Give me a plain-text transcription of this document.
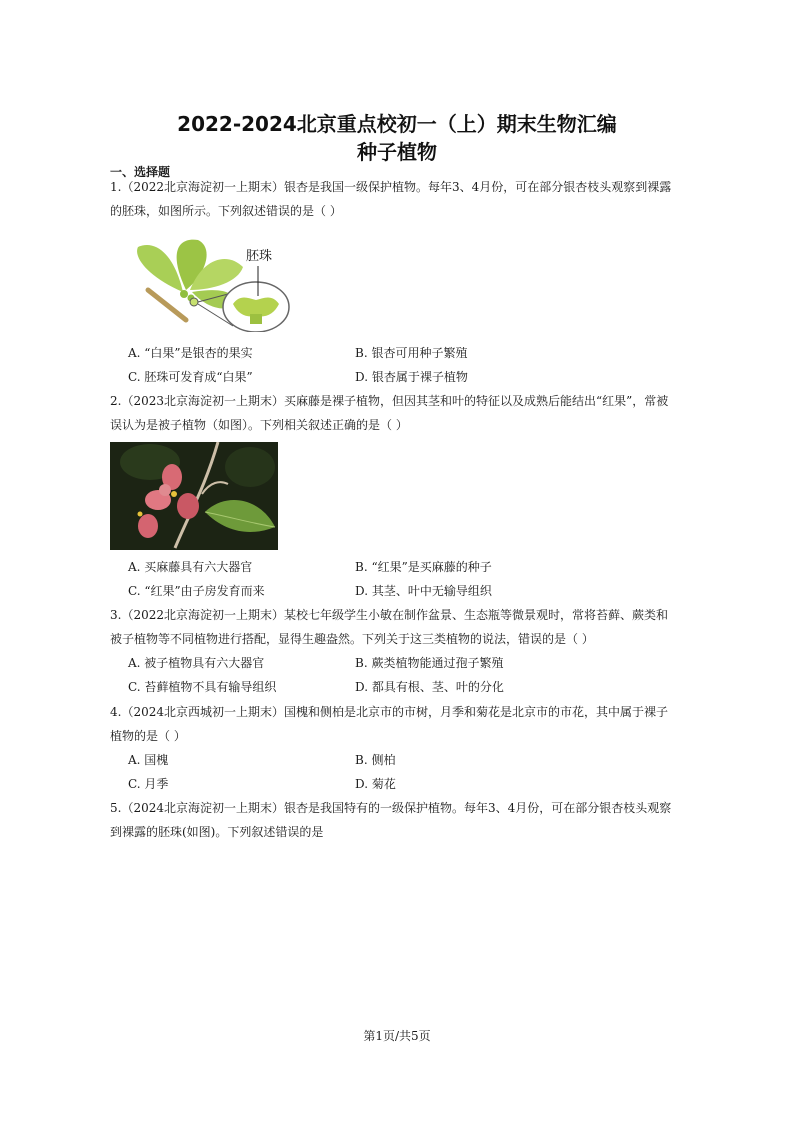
2022-2024北京重点校初一（上）期末生物汇编
种子植物
一、选择题
1.（2022北京海淀初一上期末）银杏是我国一级保护植物。每年3、4月份，可在部分银杏枝头观察到裸露
的胚珠，如图所示。下列叙述错误的是（ ）
胚珠
A. “白果”是银杏的果实	B. 银杏可用种子繁殖
C. 胚珠可发育成“白果”	D. 银杏属于裸子植物
2.（2023北京海淀初一上期末）买麻藤是裸子植物，但因其茎和叶的特征以及成熟后能结出“红果”，常被
误认为是被子植物（如图）。下列相关叙述正确的是（ ）
A. 买麻藤具有六大器官	B. “红果”是买麻藤的种子
C. “红果”由子房发育而来	D. 其茎、叶中无输导组织
3.（2022北京海淀初一上期末）某校七年级学生小敏在制作盆景、生态瓶等微景观时，常将苔藓、蕨类和
被子植物等不同植物进行搭配，显得生趣盎然。下列关于这三类植物的说法，错误的是（ ）
A. 被子植物具有六大器官	B. 蕨类植物能通过孢子繁殖
C. 苔藓植物不具有输导组织	D. 都具有根、茎、叶的分化
4.（2024北京西城初一上期末）国槐和侧柏是北京市的市树，月季和菊花是北京市的市花，其中属于裸子
植物的是（ ）
A. 国槐	B. 侧柏
C. 月季	D. 菊花
5.（2024北京海淀初一上期末）银杏是我国特有的一级保护植物。每年3、4月份，可在部分银杏枝头观察
到裸露的胚珠(如图)。下列叙述错误的是
第1页/共5页
